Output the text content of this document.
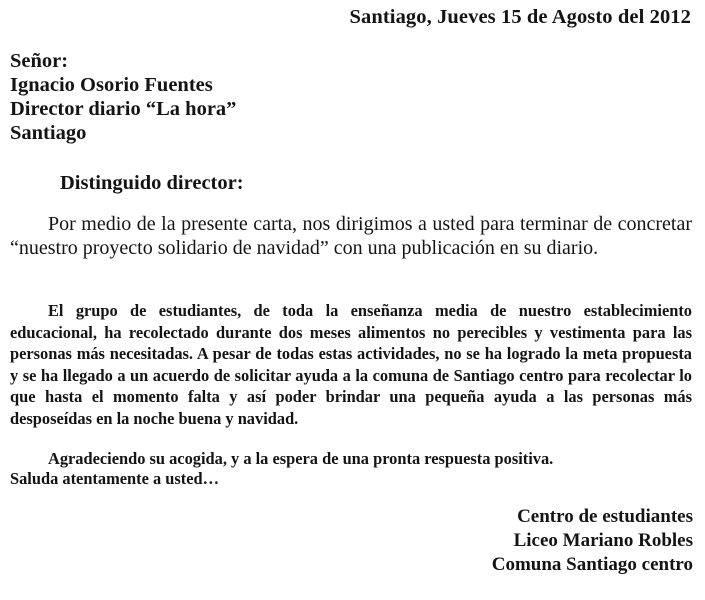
Santiago, Jueves 15 de Agosto del 2012
Señor:
Ignacio Osorio Fuentes
Director diario “La hora”
Santiago
Distinguido director:

Por medio de la presente carta, nos dirigimos a usted para terminar de concretar “nuestro proyecto solidario de navidad” con una publicación en su diario.

El grupo de estudiantes, de toda la enseñanza media de nuestro establecimiento educacional, ha recolectado durante dos meses alimentos no perecibles y vestimenta para las personas más necesitadas. A pesar de todas estas actividades, no se ha logrado la meta propuesta y se ha llegado a un acuerdo de solicitar ayuda a la comuna de Santiago centro para recolectar lo que hasta el momento falta y así poder brindar una pequeña ayuda a las personas más desposeídas en la noche buena y navidad.

Agradeciendo su acogida, y a la espera de una pronta respuesta positiva.

Saluda atentamente a usted…
Centro de estudiantes
Liceo Mariano Robles
Comuna Santiago centro
